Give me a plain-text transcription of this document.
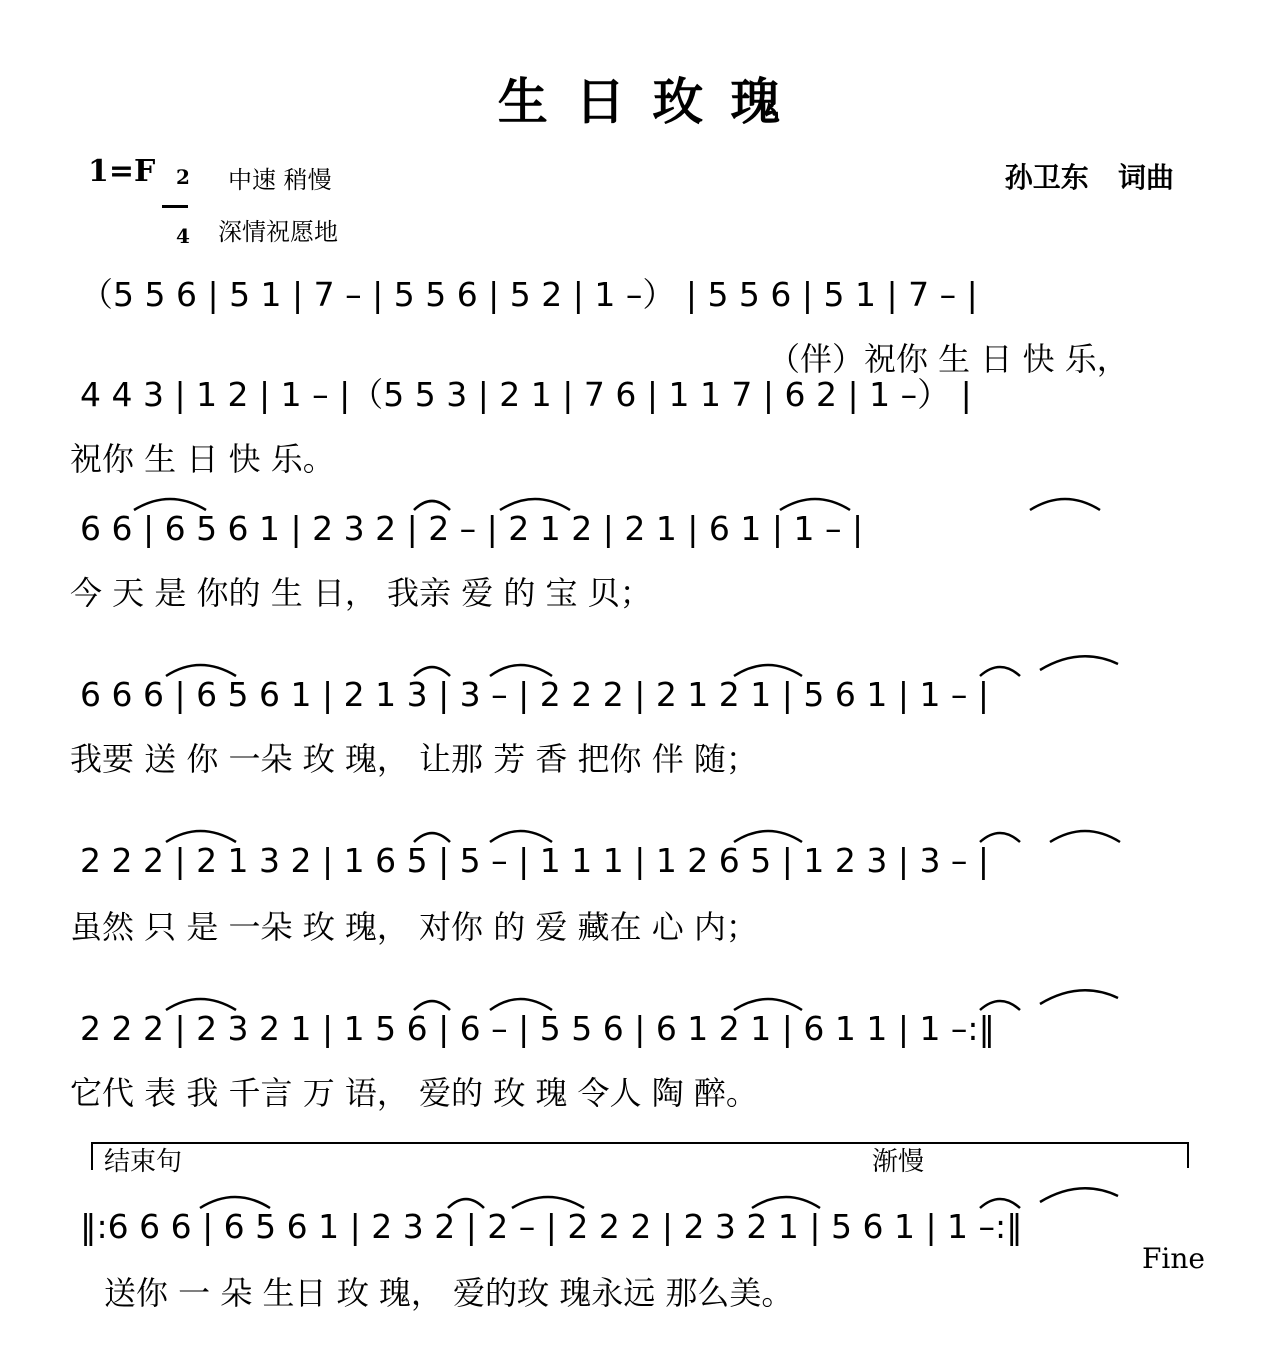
生日玫瑰
1=F	2

4

中速 稍慢
深情祝愿地
孙卫东   词曲
（5 5 6 | 5 1 | 7 – | 5 5 6 | 5 2 | 1 –） | 5 5 6 | 5 1 | 7 – |
4 4 3 | 1 2 | 1 – |（5 5 3 | 2 1 | 7 6 | 1 1 7 | 6 2 | 1 –） |
6 6 | 6 5 6 1 | 2 3 2 | 2 – | 2 1 2 | 2 1 | 6 1 | 1 – |
6 6 6 | 6 5 6 1 | 2 1 3 | 3 – | 2 2 2 | 2 1 2 1 | 5 6 1 | 1 – |
2 2 2 | 2 1 3 2 | 1 6 5 | 5 – | 1 1 1 | 1 2 6 5 | 1 2 3 | 3 – |
2 2 2 | 2 3 2 1 | 1 5 6 | 6 – | 5 5 6 | 6 1 2 1 | 6 1 1 | 1 –:‖
‖:6 6 6 | 6 5 6 1 | 2 3 2 | 2 – | 2 2 2 | 2 3 2 1 | 5 6 1 | 1 –:‖
（伴）祝你 生 日 快 乐，
祝你 生 日 快 乐。
今 天 是 你的 生 日， 我亲 爱 的 宝 贝；
我要 送 你 一朵 玫 瑰， 让那 芳 香 把你 伴 随；
虽然 只 是 一朵 玫 瑰， 对你 的 爱 藏在 心 内；
它代 表 我 千言 万 语， 爱的 玫 瑰 令人 陶 醉。
送你 一 朵 生日 玫 瑰， 爱的玫 瑰永远 那么美。
结束句	渐慢
Fine
